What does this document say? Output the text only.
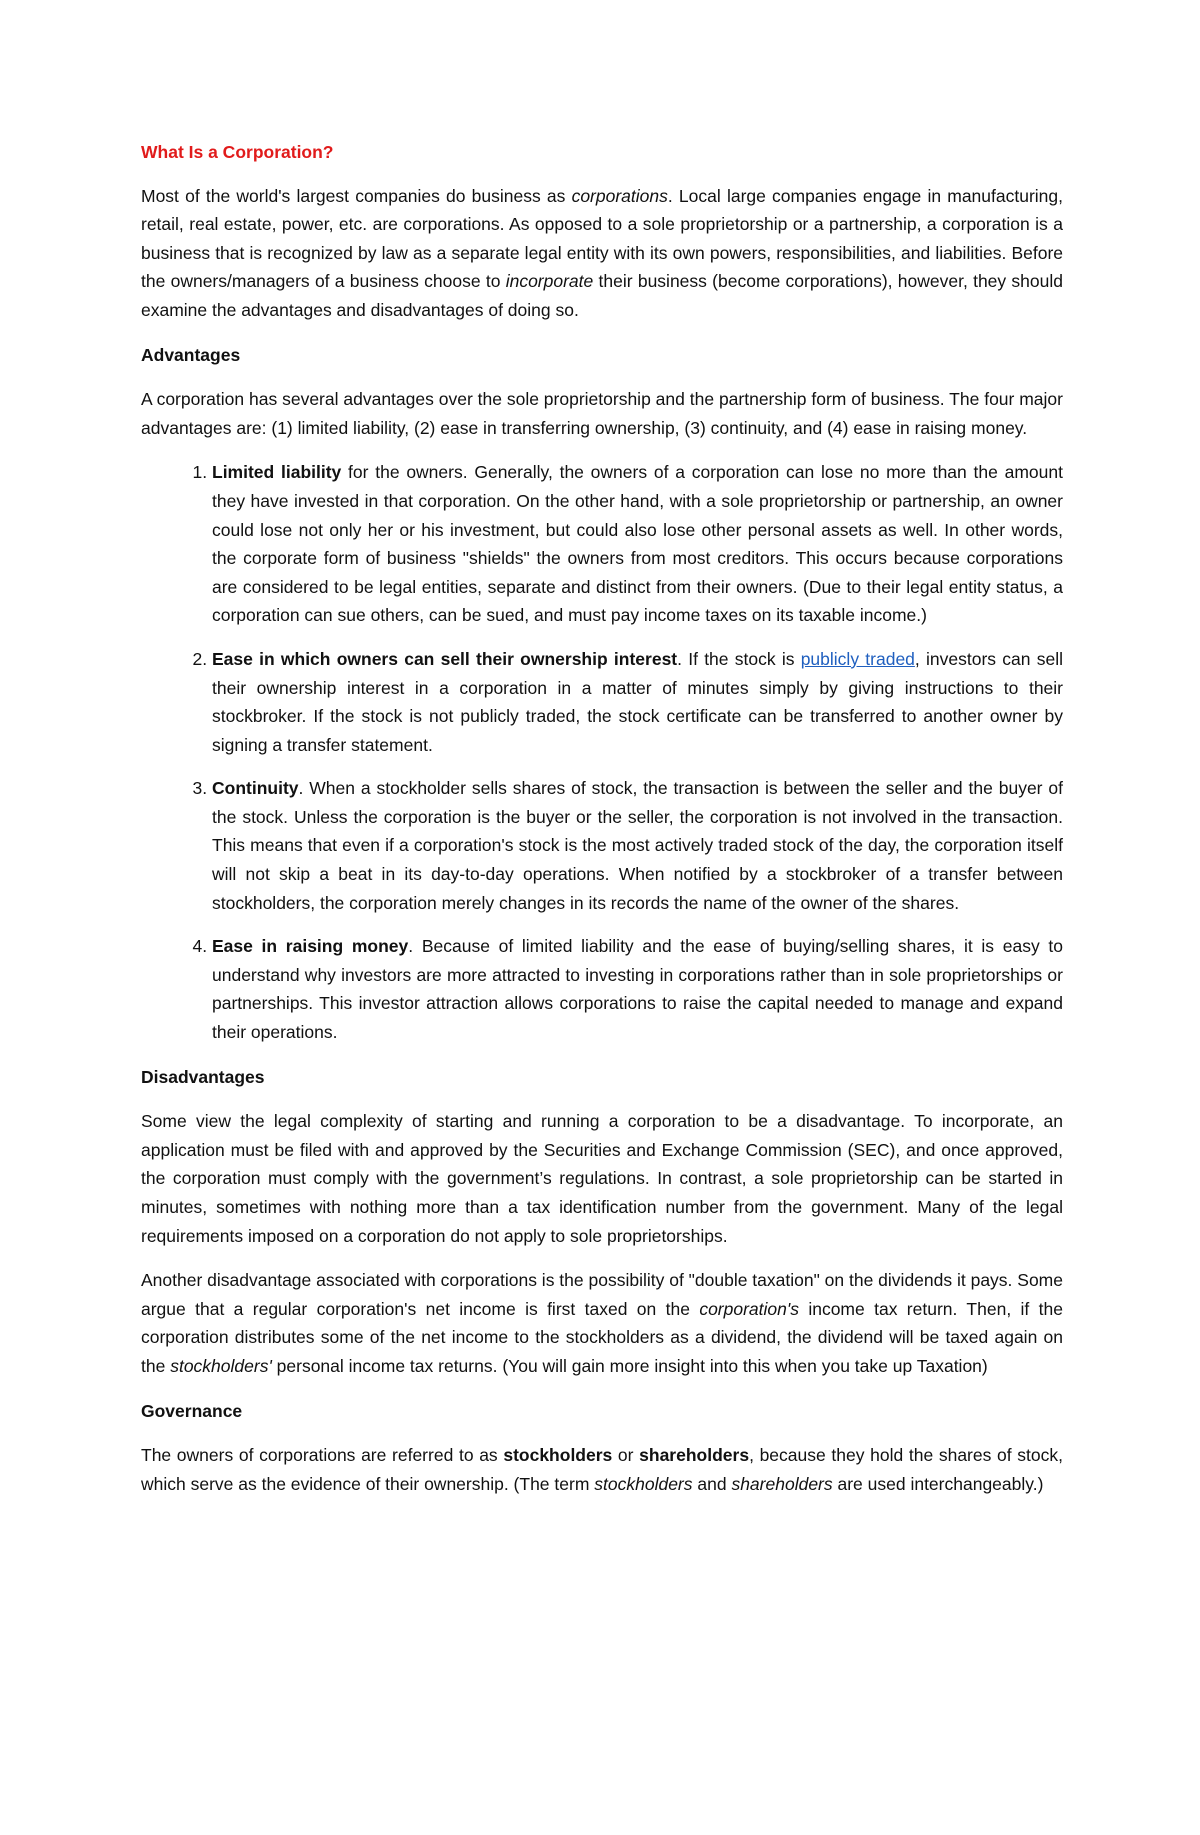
What Is a Corporation?

Most of the world's largest companies do business as corporations. Local large companies engage in manufacturing, retail, real estate, power, etc. are corporations. As opposed to a sole proprietorship or a partnership, a corporation is a business that is recognized by law as a separate legal entity with its own powers, responsibilities, and liabilities. Before the owners/managers of a business choose to incorporate their business (become corporations), however, they should examine the advantages and disadvantages of doing so.

Advantages

A corporation has several advantages over the sole proprietorship and the partnership form of business. The four major advantages are: (1) limited liability, (2) ease in transferring ownership, (3) continuity, and (4) ease in raising money.

1. Limited liability for the owners. Generally, the owners of a corporation can lose no more than the amount they have invested in that corporation. On the other hand, with a sole proprietorship or partnership, an owner could lose not only her or his investment, but could also lose other personal assets as well. In other words, the corporate form of business "shields" the owners from most creditors. This occurs because corporations are considered to be legal entities, separate and distinct from their owners. (Due to their legal entity status, a corporation can sue others, can be sued, and must pay income taxes on its taxable income.)
2. Ease in which owners can sell their ownership interest. If the stock is publicly traded, investors can sell their ownership interest in a corporation in a matter of minutes simply by giving instructions to their stockbroker. If the stock is not publicly traded, the stock certificate can be transferred to another owner by signing a transfer statement.
3. Continuity. When a stockholder sells shares of stock, the transaction is between the seller and the buyer of the stock. Unless the corporation is the buyer or the seller, the corporation is not involved in the transaction. This means that even if a corporation's stock is the most actively traded stock of the day, the corporation itself will not skip a beat in its day-to-day operations. When notified by a stockbroker of a transfer between stockholders, the corporation merely changes in its records the name of the owner of the shares.
4. Ease in raising money. Because of limited liability and the ease of buying/selling shares, it is easy to understand why investors are more attracted to investing in corporations rather than in sole proprietorships or partnerships. This investor attraction allows corporations to raise the capital needed to manage and expand their operations.
Disadvantages

Some view the legal complexity of starting and running a corporation to be a disadvantage. To incorporate, an application must be filed with and approved by the Securities and Exchange Commission (SEC), and once approved, the corporation must comply with the government’s regulations. In contrast, a sole proprietorship can be started in minutes, sometimes with nothing more than a tax identification number from the government. Many of the legal requirements imposed on a corporation do not apply to sole proprietorships.

Another disadvantage associated with corporations is the possibility of "double taxation" on the dividends it pays. Some argue that a regular corporation's net income is first taxed on the corporation's income tax return. Then, if the corporation distributes some of the net income to the stockholders as a dividend, the dividend will be taxed again on the stockholders' personal income tax returns. (You will gain more insight into this when you take up Taxation)

Governance

The owners of corporations are referred to as stockholders or shareholders, because they hold the shares of stock, which serve as the evidence of their ownership. (The term stockholders and shareholders are used interchangeably.)
